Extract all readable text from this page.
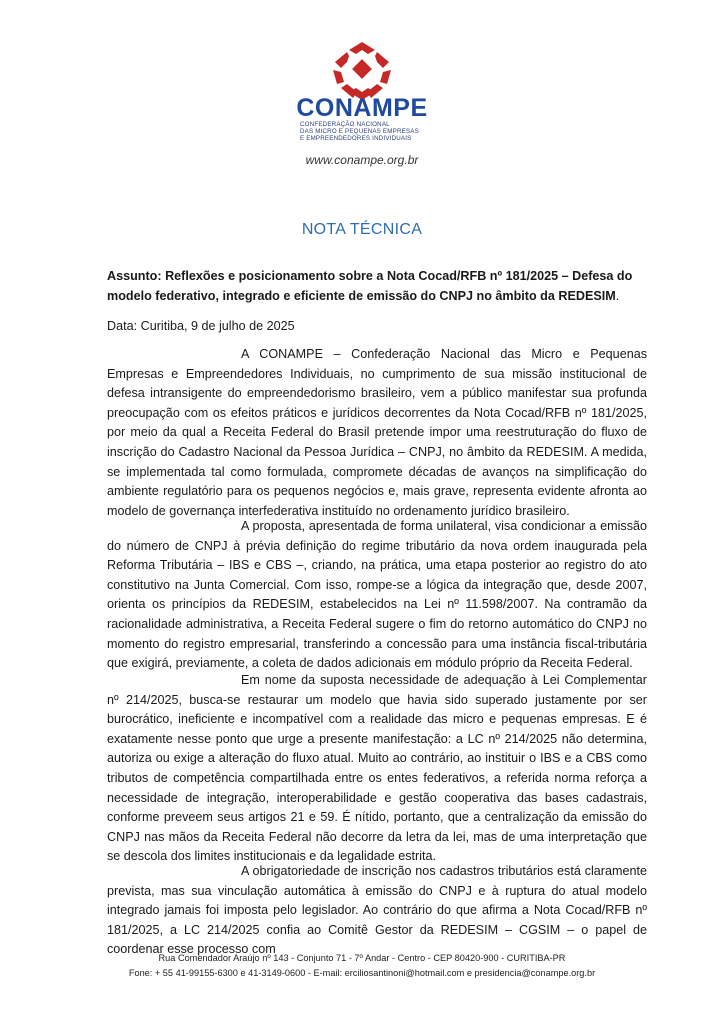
CONAMPE
CONFEDERAÇÃO NACIONAL
DAS MICRO E PEQUENAS EMPRESAS
E EMPREENDEDORES INDIVIDUAIS
www.conampe.org.br
NOTA TÉCNICA
Assunto: Reflexões e posicionamento sobre a Nota Cocad/RFB nº 181/2025 – Defesa do modelo federativo, integrado e eficiente de emissão do CNPJ no âmbito da REDESIM.
Data: Curitiba, 9 de julho de 2025
A CONAMPE – Confederação Nacional das Micro e Pequenas Empresas e Empreendedores Individuais, no cumprimento de sua missão institucional de defesa intransigente do empreendedorismo brasileiro, vem a público manifestar sua profunda preocupação com os efeitos práticos e jurídicos decorrentes da Nota Cocad/RFB nº 181/2025, por meio da qual a Receita Federal do Brasil pretende impor uma reestruturação do fluxo de inscrição do Cadastro Nacional da Pessoa Jurídica – CNPJ, no âmbito da REDESIM. A medida, se implementada tal como formulada, compromete décadas de avanços na simplificação do ambiente regulatório para os pequenos negócios e, mais grave, representa evidente afronta ao modelo de governança interfederativa instituído no ordenamento jurídico brasileiro.
A proposta, apresentada de forma unilateral, visa condicionar a emissão do número de CNPJ à prévia definição do regime tributário da nova ordem inaugurada pela Reforma Tributária – IBS e CBS –, criando, na prática, uma etapa posterior ao registro do ato constitutivo na Junta Comercial. Com isso, rompe-se a lógica da integração que, desde 2007, orienta os princípios da REDESIM, estabelecidos na Lei nº 11.598/2007. Na contramão da racionalidade administrativa, a Receita Federal sugere o fim do retorno automático do CNPJ no momento do registro empresarial, transferindo a concessão para uma instância fiscal-tributária que exigirá, previamente, a coleta de dados adicionais em módulo próprio da Receita Federal.
Em nome da suposta necessidade de adequação à Lei Complementar nº 214/2025, busca-se restaurar um modelo que havia sido superado justamente por ser burocrático, ineficiente e incompatível com a realidade das micro e pequenas empresas. E é exatamente nesse ponto que urge a presente manifestação: a LC nº 214/2025 não determina, autoriza ou exige a alteração do fluxo atual. Muito ao contrário, ao instituir o IBS e a CBS como tributos de competência compartilhada entre os entes federativos, a referida norma reforça a necessidade de integração, interoperabilidade e gestão cooperativa das bases cadastrais, conforme preveem seus artigos 21 e 59. É nítido, portanto, que a centralização da emissão do CNPJ nas mãos da Receita Federal não decorre da letra da lei, mas de uma interpretação que se descola dos limites institucionais e da legalidade estrita.
A obrigatoriedade de inscrição nos cadastros tributários está claramente prevista, mas sua vinculação automática à emissão do CNPJ e à ruptura do atual modelo integrado jamais foi imposta pelo legislador. Ao contrário do que afirma a Nota Cocad/RFB nº 181/2025, a LC 214/2025 confia ao Comitê Gestor da REDESIM – CGSIM – o papel de coordenar esse processo com
Rua Comendador Araújo nº 143 - Conjunto 71 - 7º Andar - Centro - CEP 80420-900 - CURITIBA-PR
Fone: + 55 41-99155-6300 e 41-3149-0600 - E-mail: erciliosantinoni@hotmail.com e presidencia@conampe.org.br
